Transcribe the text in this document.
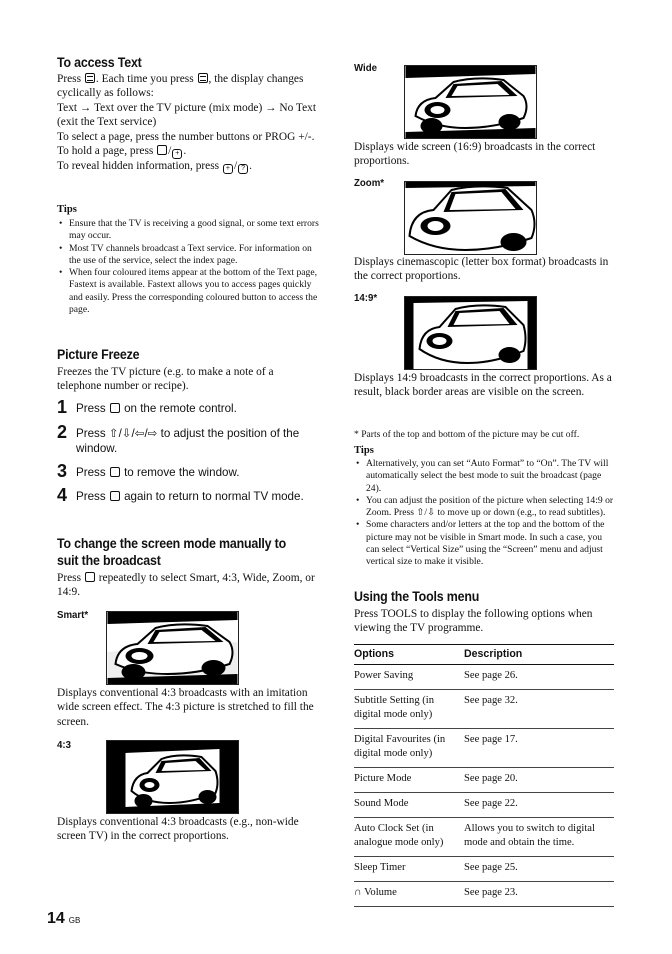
To access Text
Press . Each time you press , the display changes cyclically as follows:
Text → Text over the TV picture (mix mode) → No Text (exit the Text service)
To select a page, press the number buttons or PROG +/-.
To hold a page, press / + .
To reveal hidden information, press + / ? .
Tips
• Ensure that the TV is receiving a good signal, or some text errors may occur.
• Most TV channels broadcast a Text service. For information on the use of the service, select the index page.
• When four coloured items appear at the bottom of the Text page, Fastext is available. Fastext allows you to access pages quickly and easily. Press the corresponding coloured button to access the page.
Picture Freeze
Freezes the TV picture (e.g. to make a note of a telephone number or recipe).
1 Press  on the remote control.
2 Press ⇧/⇩/⇦/⇨ to adjust the position of the window.
3 Press  to remove the window.
4 Press  again to return to normal TV mode.
To change the screen mode manually to
suit the broadcast
Press  repeatedly to select Smart, 4:3, Wide, Zoom, or 14:9.
Smart*
Displays conventional 4:3 broadcasts with an imitation wide screen effect. The 4:3 picture is stretched to fill the screen.
4:3
Displays conventional 4:3 broadcasts (e.g., non-wide screen TV) in the correct proportions.
Wide
Displays wide screen (16:9) broadcasts in the correct proportions.
Zoom*
Displays cinemascopic (letter box format) broadcasts in the correct proportions.
14:9*
Displays 14:9 broadcasts in the correct proportions. As a result, black border areas are visible on the screen.
* Parts of the top and bottom of the picture may be cut off.
Tips
• Alternatively, you can set “Auto Format” to “On”. The TV will automatically select the best mode to suit the broadcast (page 24).
• You can adjust the position of the picture when selecting 14:9 or Zoom. Press ⇧/⇩ to move up or down (e.g., to read subtitles).
• Some characters and/or letters at the top and the bottom of the picture may not be visible in Smart mode. In such a case, you can select “Vertical Size” using the “Screen” menu and adjust vertical size to make it visible.
Using the Tools menu
Press TOOLS to display the following options when viewing the TV programme.
Options	Description
Power Saving	See page 26.
Subtitle Setting (in digital mode only)	See page 32.
Digital Favourites (in digital mode only)	See page 17.
Picture Mode	See page 20.
Sound Mode	See page 22.
Auto Clock Set (in analogue mode only)	Allows you to switch to digital mode and obtain the time.
Sleep Timer	See page 25.
∩ Volume	See page 23.
14 GB
